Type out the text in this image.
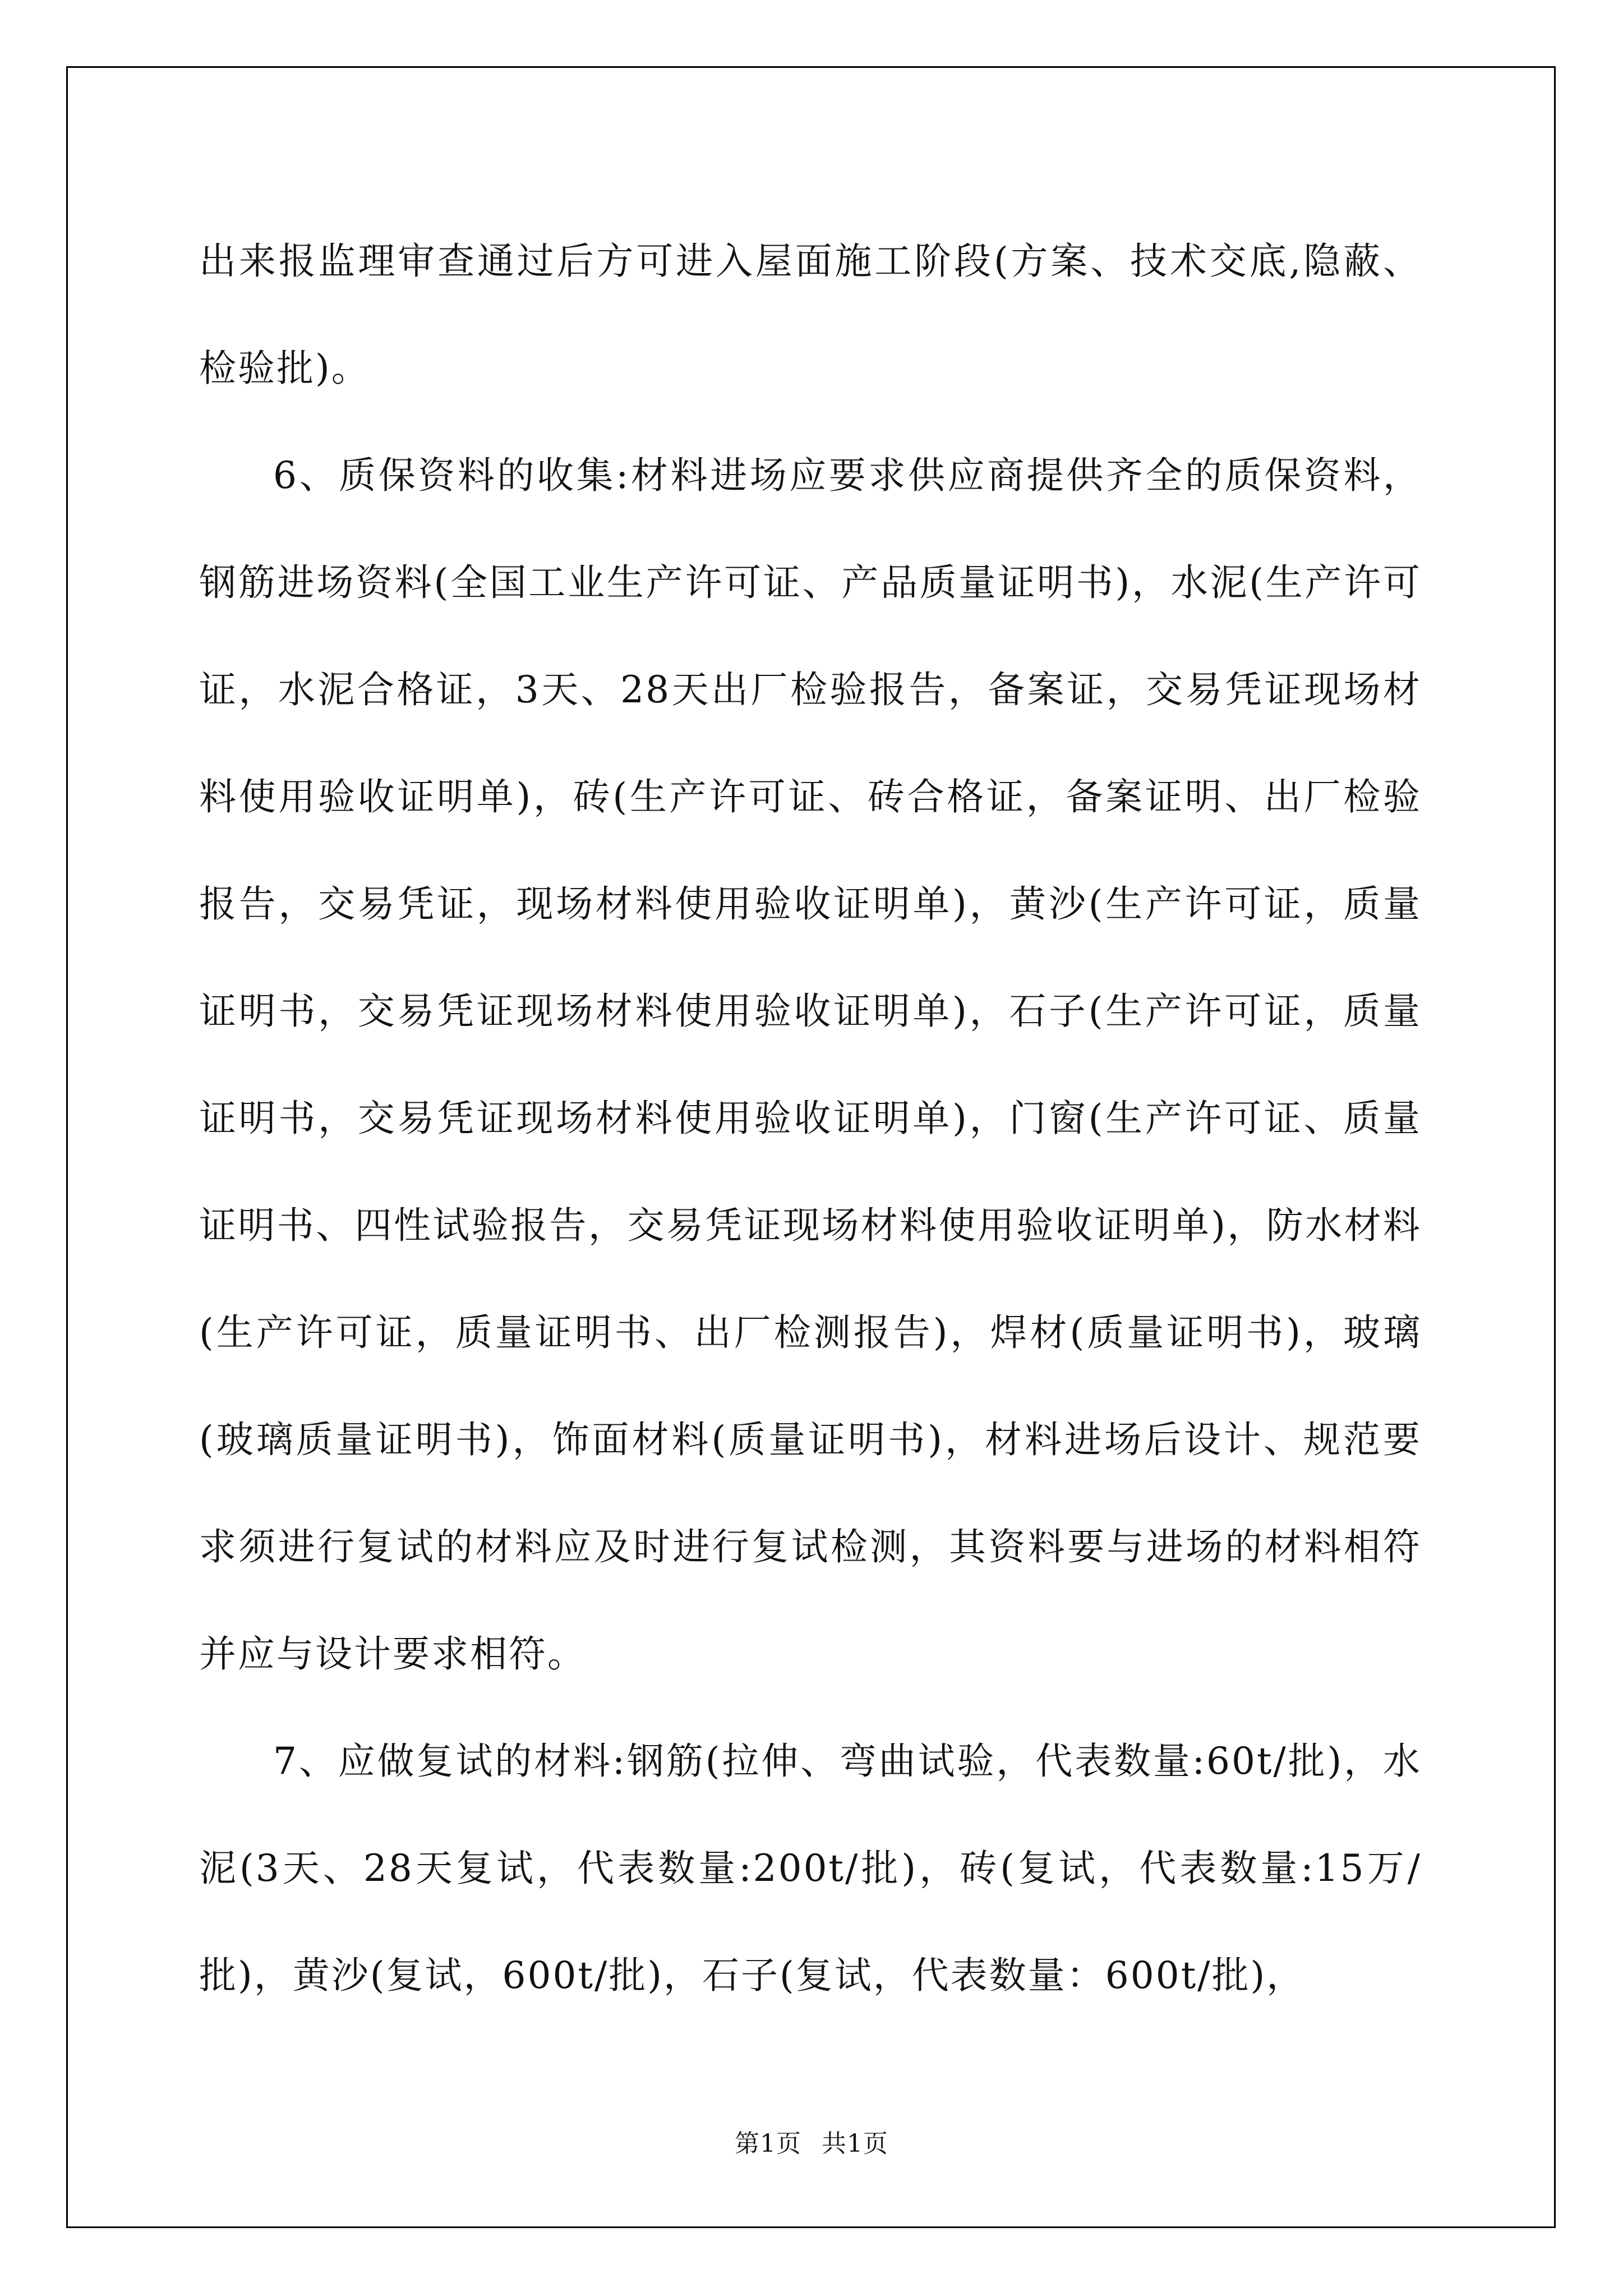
出来报监理审查通过后方可进入屋面施工阶段(方案、技术交底,隐蔽、检验批)。

6、质保资料的收集:材料进场应要求供应商提供齐全的质保资料，钢筋进场资料(全国工业生产许可证、产品质量证明书)，水泥(生产许可证，水泥合格证，3天、28天出厂检验报告，备案证，交易凭证现场材料使用验收证明单)，砖(生产许可证、砖合格证，备案证明、出厂检验报告，交易凭证，现场材料使用验收证明单)，黄沙(生产许可证，质量证明书，交易凭证现场材料使用验收证明单)，石子(生产许可证，质量证明书，交易凭证现场材料使用验收证明单)，门窗(生产许可证、质量证明书、四性试验报告，交易凭证现场材料使用验收证明单)，防水材料(生产许可证，质量证明书、出厂检测报告)，焊材(质量证明书)，玻璃(玻璃质量证明书)，饰面材料(质量证明书)，材料进场后设计、规范要求须进行复试的材料应及时进行复试检测，其资料要与进场的材料相符并应与设计要求相符。

7、应做复试的材料:钢筋(拉伸、弯曲试验，代表数量:60t/批)，水泥(3天、28天复试，代表数量:200t/批)，砖(复试，代表数量:15万/批)，黄沙(复试，600t/批)，石子(复试，代表数量：600t/批)，

第1页 共1页
